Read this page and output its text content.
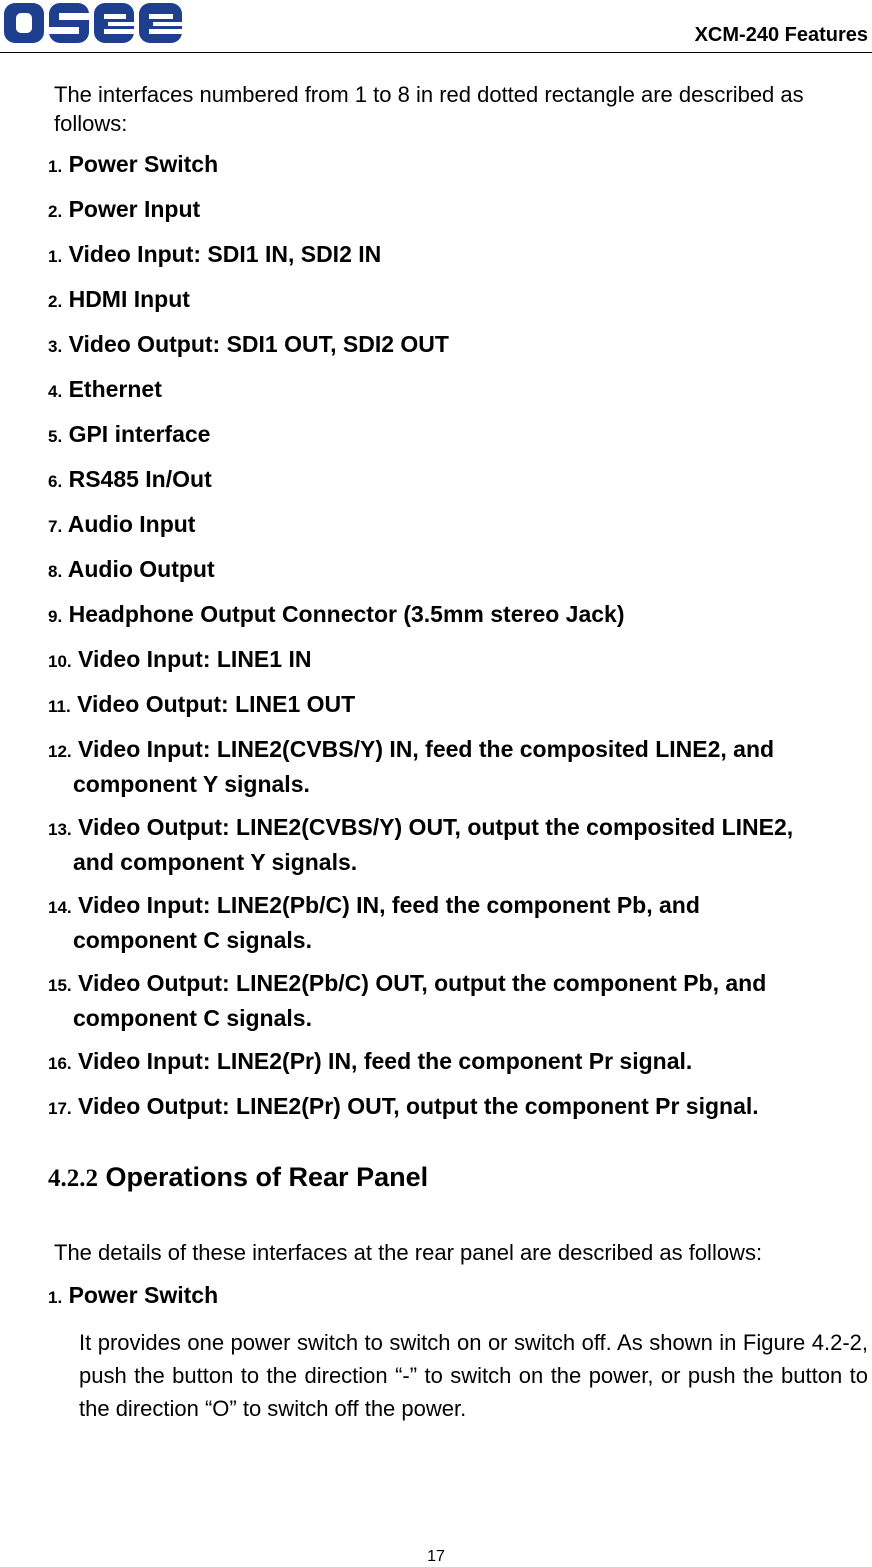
XCM-240 Features
The interfaces numbered from 1 to 8 in red dotted rectangle are described as follows:
1. Power Switch
2. Power Input
1. Video Input: SDI1 IN, SDI2 IN
2. HDMI Input
3. Video Output: SDI1 OUT, SDI2 OUT
4. Ethernet
5. GPI interface
6. RS485 In/Out
7. Audio Input
8. Audio Output
9. Headphone Output Connector (3.5mm stereo Jack)
10. Video Input: LINE1 IN
11. Video Output: LINE1 OUT
12. Video Input: LINE2(CVBS/Y) IN, feed the composited LINE2, and
component Y signals.
13. Video Output: LINE2(CVBS/Y) OUT, output the composited LINE2,
and component Y signals.
14. Video Input: LINE2(Pb/C) IN, feed the component Pb, and
component C signals.
15. Video Output: LINE2(Pb/C) OUT, output the component Pb, and
component C signals.
16. Video Input: LINE2(Pr) IN, feed the component Pr signal.
17. Video Output: LINE2(Pr) OUT, output the component Pr signal.
4.2.2 Operations of Rear Panel
The details of these interfaces at the rear panel are described as follows:
1. Power Switch
It provides one power switch to switch on or switch off. As shown in Figure 4.2-2, push the button to the direction “-” to switch on the power, or push the button to the direction “O” to switch off the power.
17
